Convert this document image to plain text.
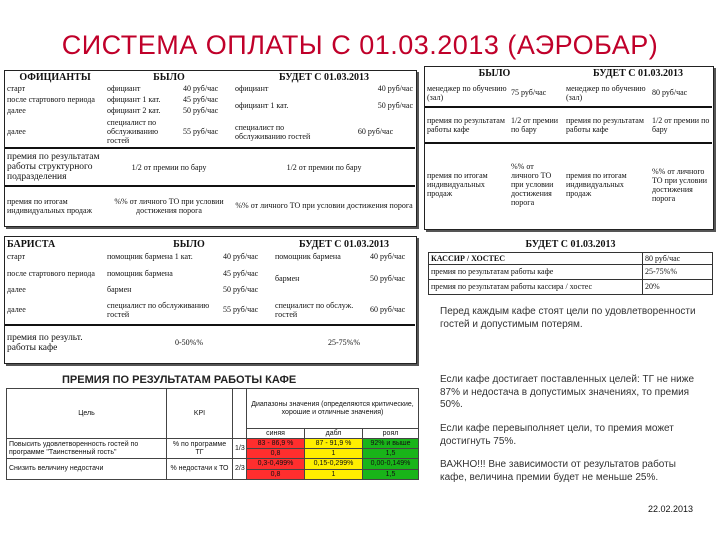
СИСТЕМА ОПЛАТЫ С 01.03.2013 (АЭРОБАР)
ОФИЦИАНТЫ	БЫЛО		БУДЕТ С 01.03.2013	
старт	официант	40 руб/час	официант	40 руб/час
после стартового периода	официант 1 кат.	45 руб/час	официант 1 кат.	50 руб/час
далее	официант 2 кат.	50 руб/час		
далее	специалист по обслуживанию гостей	55 руб/час	специалист по обслуживанию гостей	60 руб/час
премия по результатам работы структурного подразделения	1/2 от премии по бару		1/2 от премии по бару	
премия по итогам индивидуальных продаж	%% от личного ТО при условии достижения порога		%% от личного ТО при условии достижения порога	
БЫЛО		БУДЕТ С 01.03.2013	
менеджер по обучению (зал)	75 руб/час	менеджер по обучению (зал)	80 руб/час
премия по результатам работы кафе	1/2 от премии по бару	премия по результатам работы кафе	1/2 от премии по бару
премия по итогам индивидуальных продаж	%% от личного ТО при условии достижения порога	премия по итогам индивидуальных продаж	%% от личного ТО при условии достижения порога
БАРИСТА	БЫЛО		БУДЕТ С 01.03.2013	
старт	помощник бармена 1 кат.	40 руб/час	помощник бармена	40 руб/час
после стартового периода	помощник бармена	45 руб/час	бармен	50 руб/час
далее	бармен	50 руб/час		
далее	специалист по обслуживанию гостей	55 руб/час	специалист по обслуж. гостей	60 руб/час
премия по результ. работы кафе	0-50%%		25-75%%	
БУДЕТ С 01.03.2013	
КАССИР / ХОСТЕС	80 руб/час
премия по результатам работы кафе	25-75%%
премия по результатам работы кассира / хостес	20%
Перед каждым кафе стоят цели по удовлетворенности гостей и допустимым потерям.
ПРЕМИЯ ПО РЕЗУЛЬТАТАМ РАБОТЫ КАФЕ
Цель	KPI		Диапазоны значения (определяются критические, хорошие и отличные значения)		
			синяя	дабл	роял
Повысить удовлетворенность гостей по программе "Таинственный гость"	% по программе ТГ	1/3	83 - 86,9 %	87 - 91,9 %	92% и выше
			0,8	1	1,5
Снизить величину недостачи	% недостачи к ТО	2/3	0,3-0,499%	0,15-0,299%	0,00-0,149%
			0,8	1	1,5
Если кафе достигает поставленных целей: ТГ не ниже 87% и недостача в допустимых значениях, то премия 50%.
Если кафе перевыполняет цели, то премия может достигнуть 75%.
ВАЖНО!!! Вне зависимости от результатов работы кафе, величина премии будет не меньше 25%.
22.02.2013
